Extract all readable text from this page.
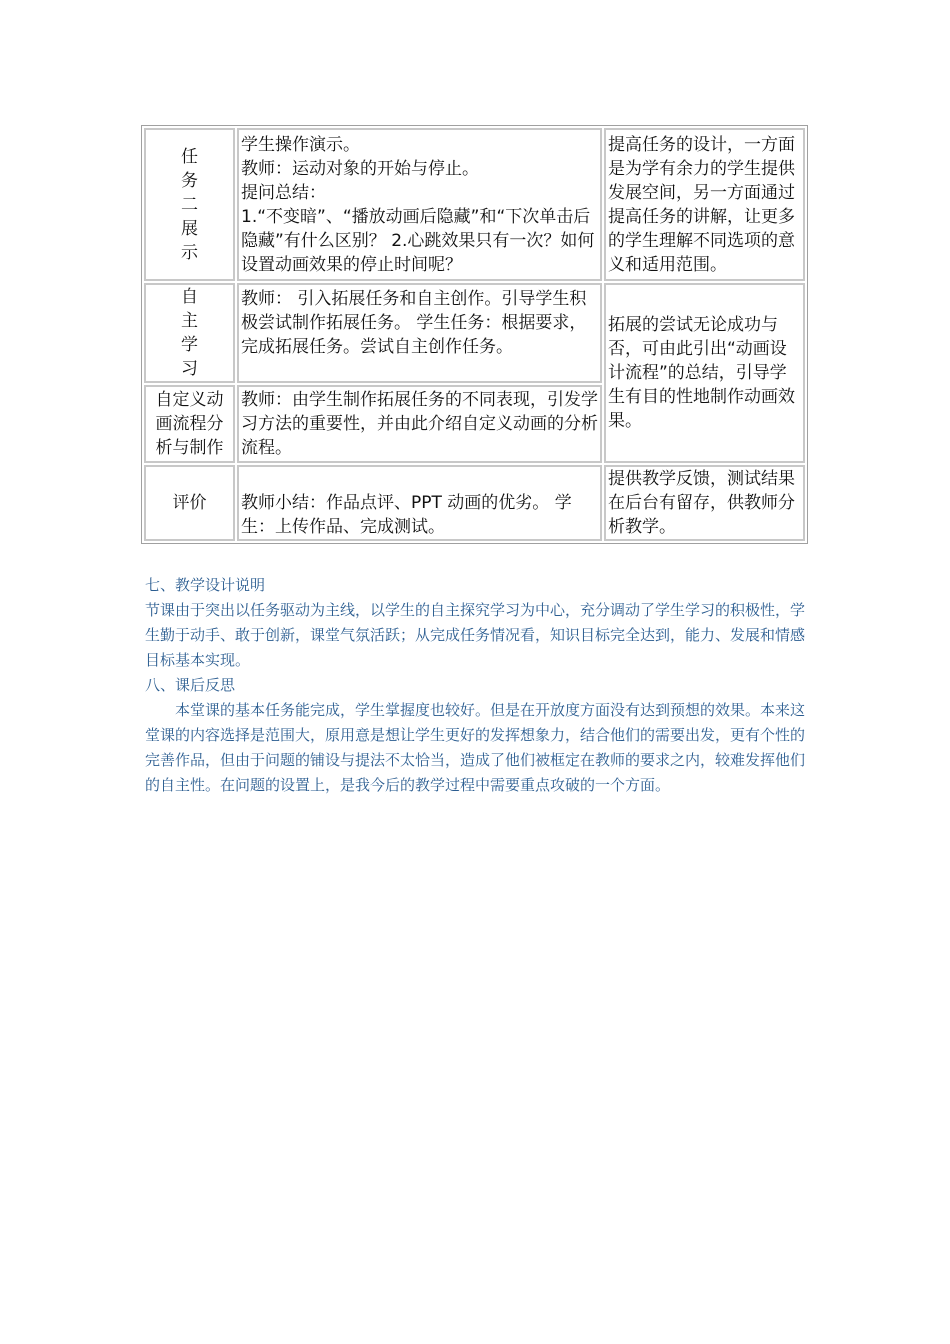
任务二展示	学生操作演示。
教师：运动对象的开始与停止。
提问总结：
1.“不变暗”、“播放动画后隐藏”和“下次单击后隐藏”有什么区别？ 2.心跳效果只有一次？如何设置动画效果的停止时间呢？	提高任务的设计，一方面是为学有余力的学生提供发展空间，另一方面通过提高任务的讲解，让更多的学生理解不同选项的意义和适用范围。

自主学习	教师： 引入拓展任务和自主创作。引导学生积极尝试制作拓展任务。 学生任务：根据要求，完成拓展任务。尝试自主创作任务。	拓展的尝试无论成功与否，可由此引出“动画设计流程”的总结，引导学生有目的性地制作动画效果。
自定义动画流程分析与制作	教师：由学生制作拓展任务的不同表现，引发学习方法的重要性，并由此介绍自定义动画的分析流程。	

评价	教师小结：作品点评、PPT 动画的优劣。 学生：上传作品、完成测试。	提供教学反馈，测试结果在后台有留存，供教师分析教学。
七、教学设计说明
节课由于突出以任务驱动为主线，以学生的自主探究学习为中心，充分调动了学生学习的积极性，学生勤于动手、敢于创新，课堂气氛活跃；从完成任务情况看，知识目标完全达到，能力、发展和情感目标基本实现。
八、课后反思
本堂课的基本任务能完成，学生掌握度也较好。但是在开放度方面没有达到预想的效果。本来这堂课的内容选择是范围大，原用意是想让学生更好的发挥想象力，结合他们的需要出发，更有个性的完善作品，但由于问题的铺设与提法不太恰当，造成了他们被框定在教师的要求之内，较难发挥他们的自主性。在问题的设置上，是我今后的教学过程中需要重点攻破的一个方面。
